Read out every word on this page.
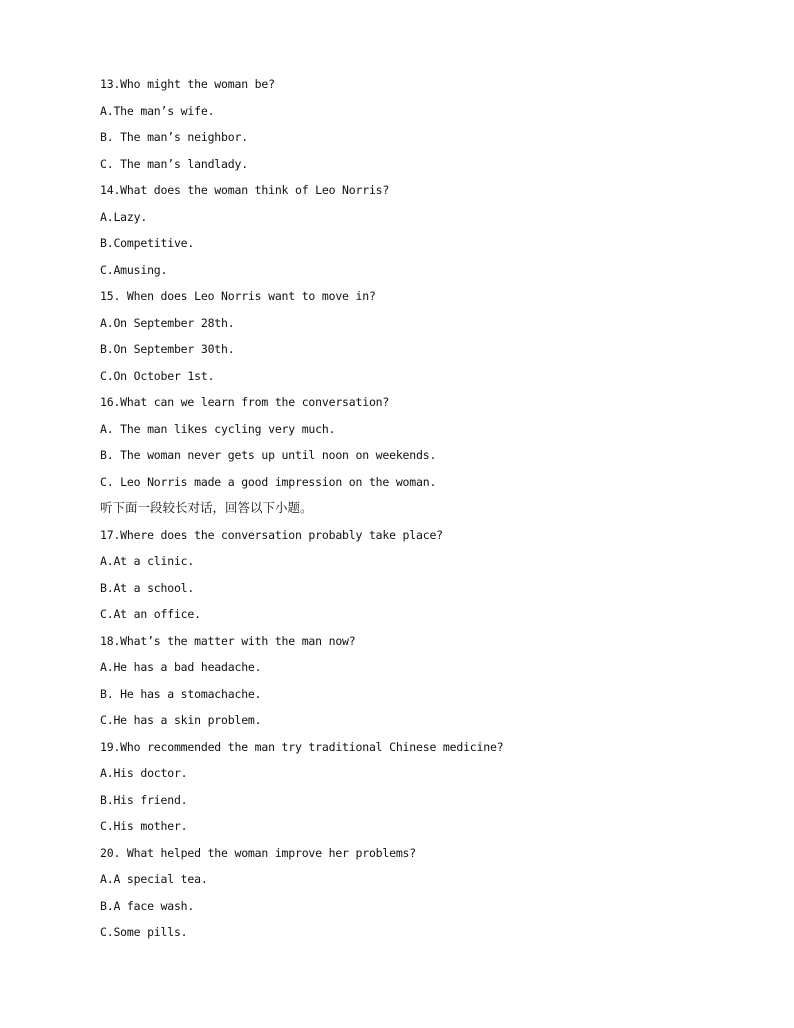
13.Who might the woman be?
A.The man’s wife.
B. The man’s neighbor.
C. The man’s landlady.
14.What does the woman think of Leo Norris?
A.Lazy.
B.Competitive.
C.Amusing.
15. When does Leo Norris want to move in?
A.On September 28th.
B.On September 30th.
C.On October 1st.
16.What can we learn from the conversation?
A. The man likes cycling very much.
B. The woman never gets up until noon on weekends.
C. Leo Norris made a good impression on the woman.
听下面一段较长对话，回答以下小题。
17.Where does the conversation probably take place?
A.At a clinic.
B.At a school.
C.At an office.
18.What’s the matter with the man now?
A.He has a bad headache.
B. He has a stomachache.
C.He has a skin problem.
19.Who recommended the man try traditional Chinese medicine?
A.His doctor.
B.His friend.
C.His mother.
20. What helped the woman improve her problems?
A.A special tea.
B.A face wash.
C.Some pills.
